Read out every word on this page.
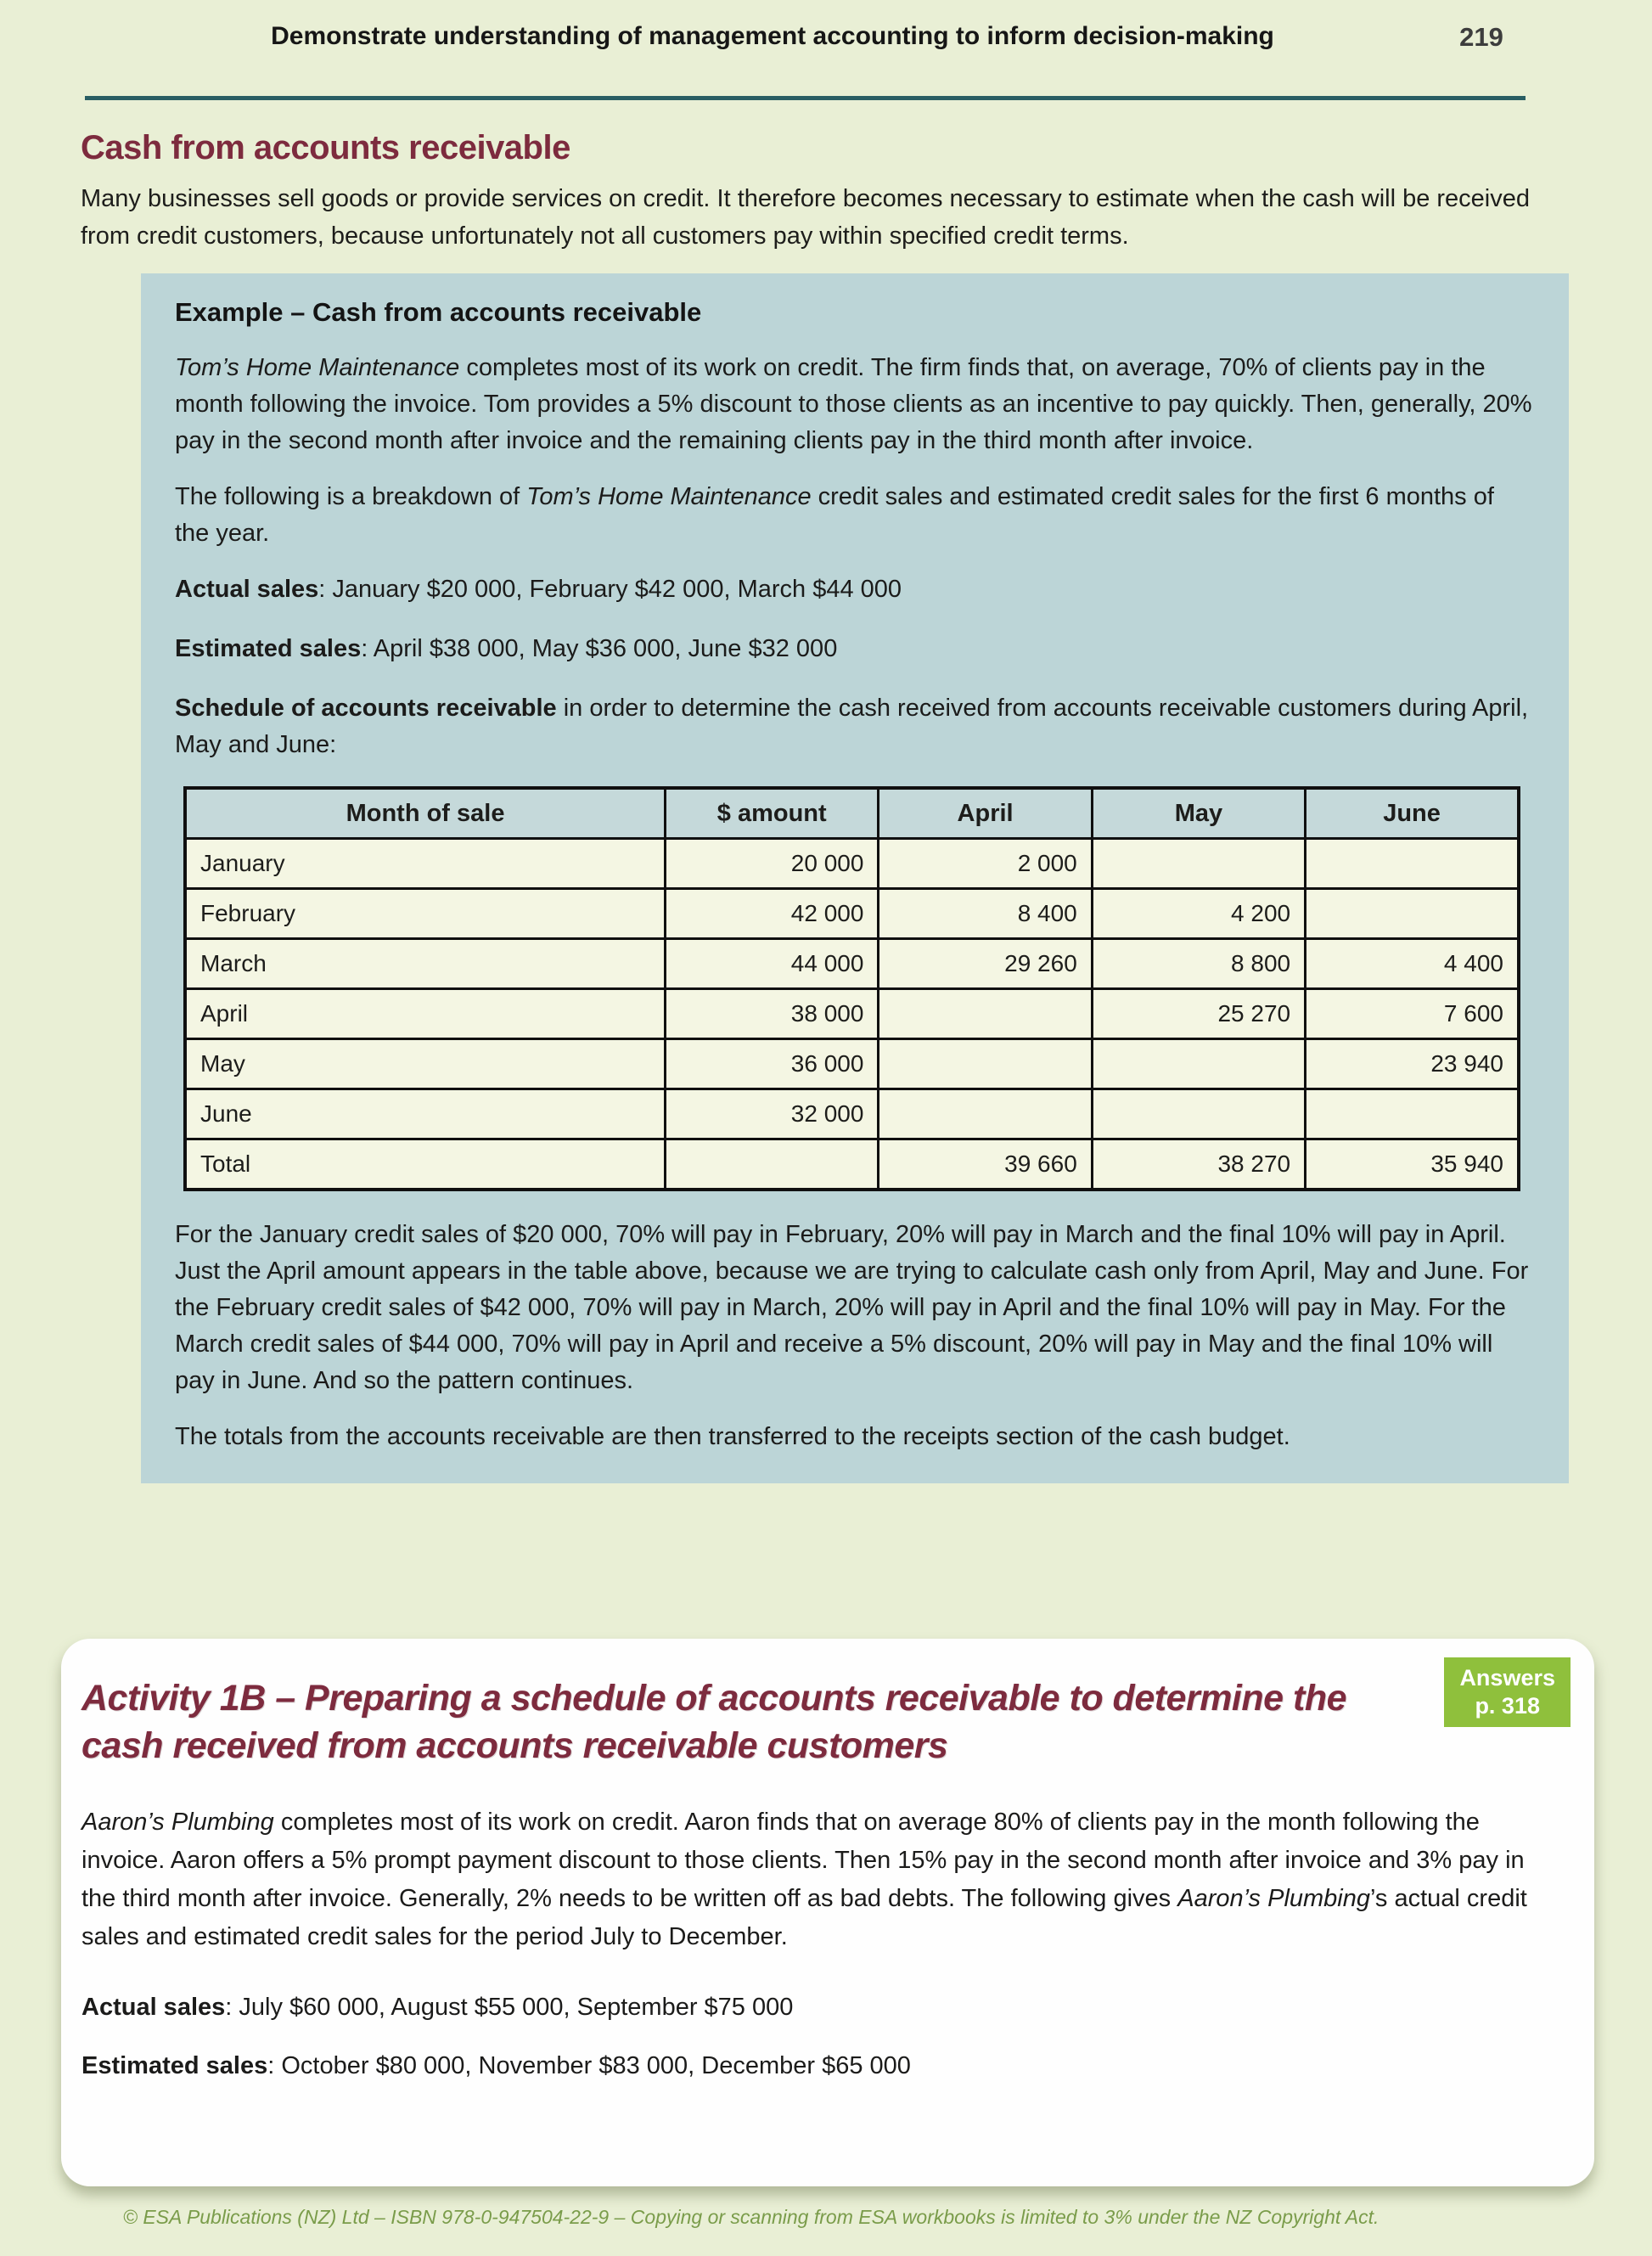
Demonstrate understanding of management accounting to inform decision-making	219
Cash from accounts receivable

Many businesses sell goods or provide services on credit. It therefore becomes necessary to estimate when the cash will be received from credit customers, because unfortunately not all customers pay within specified credit terms.

Example – Cash from accounts receivable

Tom’s Home Maintenance completes most of its work on credit. The firm finds that, on average, 70% of clients pay in the month following the invoice. Tom provides a 5% discount to those clients as an incentive to pay quickly. Then, generally, 20% pay in the second month after invoice and the remaining clients pay in the third month after invoice.

The following is a breakdown of Tom’s Home Maintenance credit sales and estimated credit sales for the first 6 months of the year.

Actual sales: January $20 000, February $42 000, March $44 000

Estimated sales: April $38 000, May $36 000, June $32 000

Schedule of accounts receivable in order to determine the cash received from accounts receivable customers during April, May and June:

Month of sale	$ amount	April	May	June
January	20 000	2 000		
February	42 000	8 400	4 200	
March	44 000	29 260	8 800	4 400
April	38 000		25 270	7 600
May	36 000			23 940
June	32 000			
Total		39 660	38 270	35 940

For the January credit sales of $20 000, 70% will pay in February, 20% will pay in March and the final 10% will pay in April. Just the April amount appears in the table above, because we are trying to calculate cash only from April, May and June. For the February credit sales of $42 000, 70% will pay in March, 20% will pay in April and the final 10% will pay in May. For the March credit sales of $44 000, 70% will pay in April and receive a 5% discount, 20% will pay in May and the final 10% will pay in June. And so the pattern continues.

The totals from the accounts receivable are then transferred to the receipts section of the cash budget.

Answers
p. 318
Activity 1B – Preparing a schedule of accounts receivable to determine the cash received from accounts receivable customers

Aaron’s Plumbing completes most of its work on credit. Aaron finds that on average 80% of clients pay in the month following the invoice. Aaron offers a 5% prompt payment discount to those clients. Then 15% pay in the second month after invoice and 3% pay in the third month after invoice. Generally, 2% needs to be written off as bad debts. The following gives Aaron’s Plumbing’s actual credit sales and estimated credit sales for the period July to December.

Actual sales: July $60 000, August $55 000, September $75 000

Estimated sales: October $80 000, November $83 000, December $65 000

© ESA Publications (NZ) Ltd – ISBN 978-0-947504-22-9 – Copying or scanning from ESA workbooks is limited to 3% under the NZ Copyright Act.
